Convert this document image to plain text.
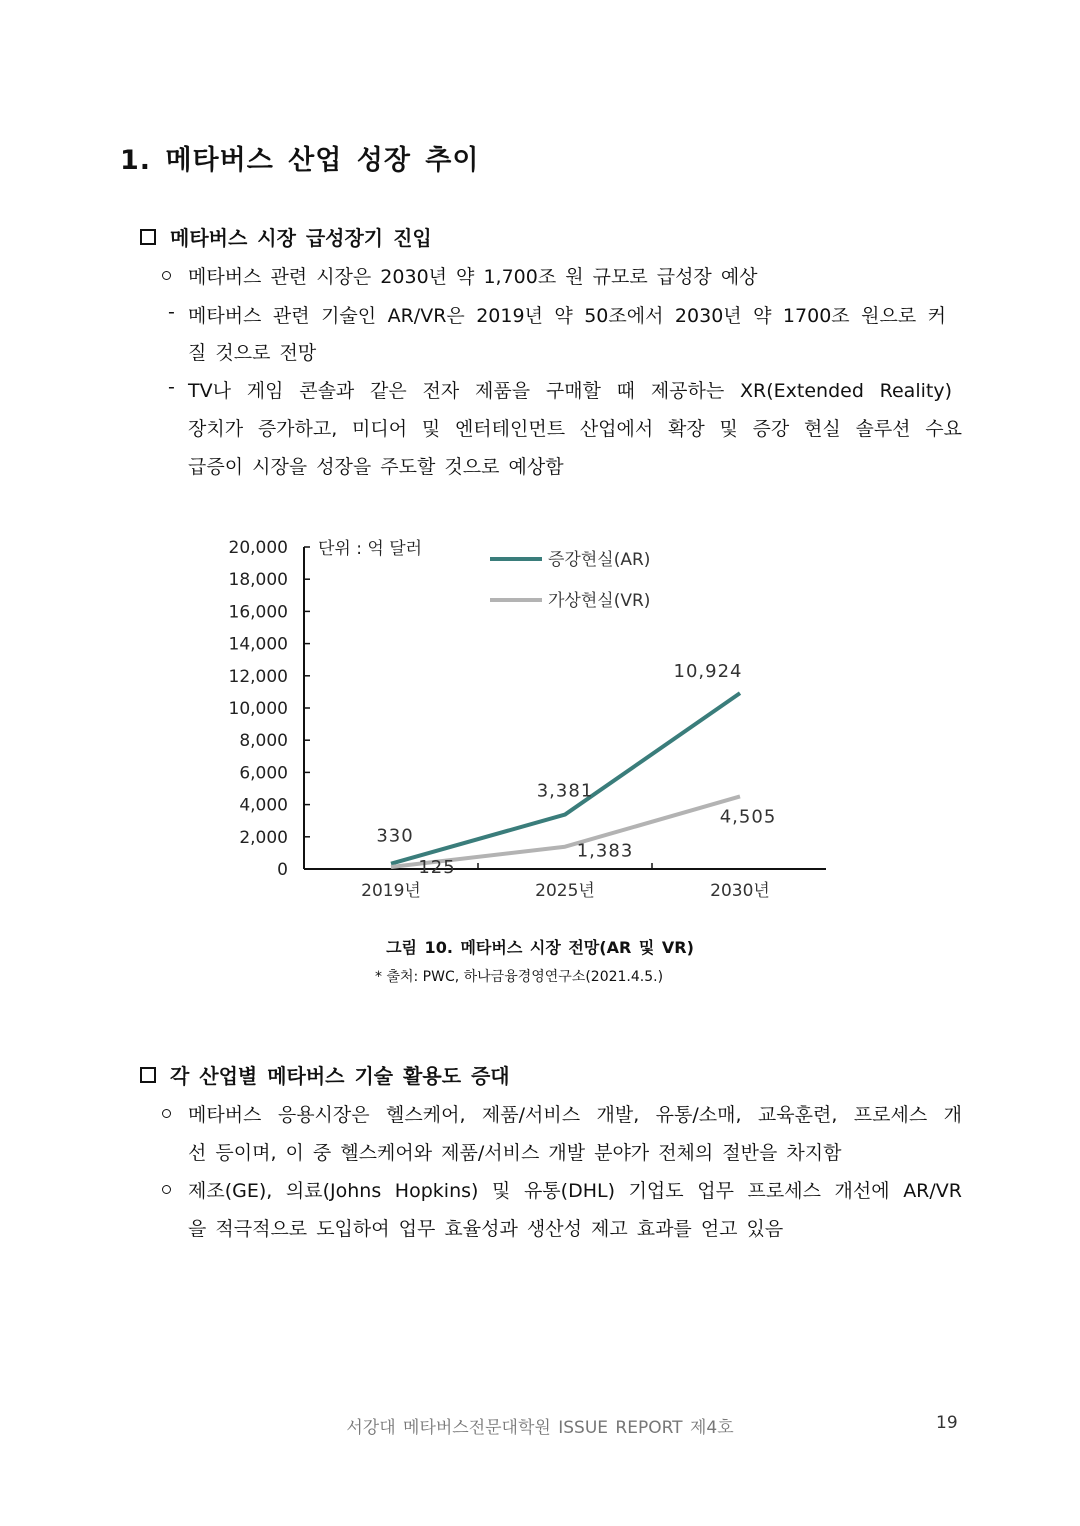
1. 메타버스 산업 성장 추이
메타버스 시장 급성장기 진입
메타버스 관련 시장은 2030년 약 1,700조 원 규모로 급성장 예상
- 메타버스 관련 기술인 AR/VR은 2019년 약 50조에서 2030년 약 1700조 원으로 커
질 것으로 전망
- TV나 게임 콘솔과 같은 전자 제품을 구매할 때 제공하는 XR(Extended Reality)
장치가 증가하고, 미디어 및 엔터테인먼트 산업에서 확장 및 증강 현실 솔루션 수요
급증이 시장을 성장을 주도할 것으로 예상함
0
2,000
4,000
6,000
8,000
10,000
12,000
14,000
16,000
18,000
20,000
2019년	2025년	2030년
단위 : 억 달러
330
3,381
10,924
125
1,383
4,505
증강현실(AR)
가상현실(VR)
그림 10. 메타버스 시장 전망(AR 및 VR)
* 출처: PWC, 하나금융경영연구소(2021.4.5.)
각 산업별 메타버스 기술 활용도 증대
메타버스 응용시장은 헬스케어, 제품/서비스 개발, 유통/소매, 교육훈련, 프로세스 개
선 등이며, 이 중 헬스케어와 제품/서비스 개발 분야가 전체의 절반을 차지함
제조(GE), 의료(Johns Hopkins) 및 유통(DHL) 기업도 업무 프로세스 개선에 AR/VR
을 적극적으로 도입하여 업무 효율성과 생산성 제고 효과를 얻고 있음
서강대 메타버스전문대학원 ISSUE REPORT 제4호	19
